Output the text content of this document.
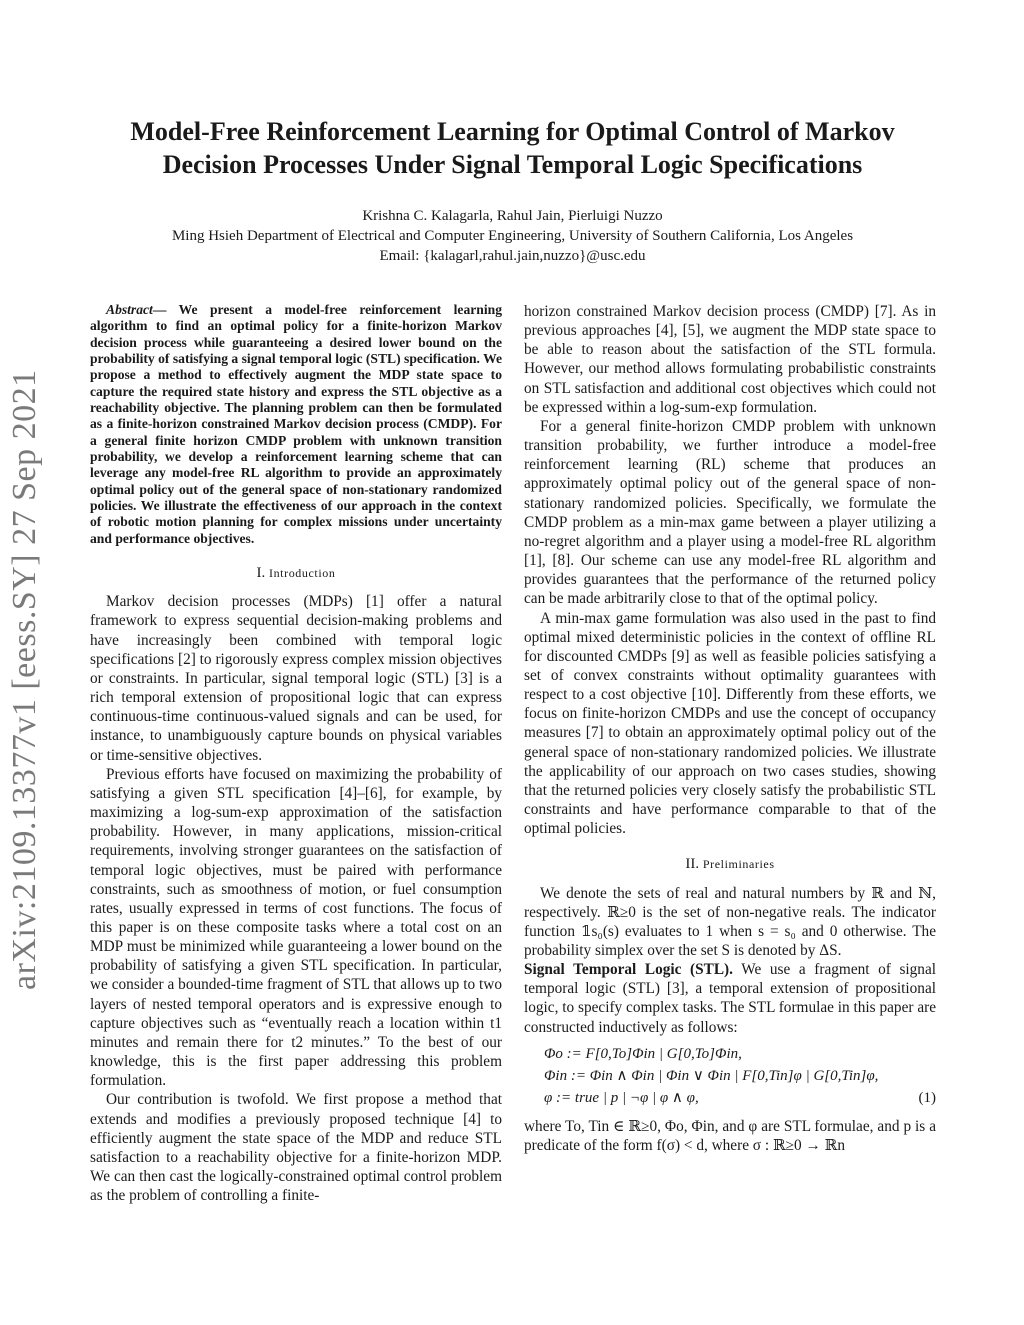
arXiv:2109.13377v1 [eess.SY] 27 Sep 2021
Model-Free Reinforcement Learning for Optimal Control of Markov Decision Processes Under Signal Temporal Logic Specifications
Krishna C. Kalagarla, Rahul Jain, Pierluigi Nuzzo
Ming Hsieh Department of Electrical and Computer Engineering, University of Southern California, Los Angeles
Email: {kalagarl,rahul.jain,nuzzo}@usc.edu

Abstract— We present a model-free reinforcement learning algorithm to find an optimal policy for a finite-horizon Markov decision process while guaranteeing a desired lower bound on the probability of satisfying a signal temporal logic (STL) specification. We propose a method to effectively augment the MDP state space to capture the required state history and express the STL objective as a reachability objective. The planning problem can then be formulated as a finite-horizon constrained Markov decision process (CMDP). For a general finite horizon CMDP problem with unknown transition probability, we develop a reinforcement learning scheme that can leverage any model-free RL algorithm to provide an approximately optimal policy out of the general space of non-stationary randomized policies. We illustrate the effectiveness of our approach in the context of robotic motion planning for complex missions under uncertainty and performance objectives.

I. Introduction

Markov decision processes (MDPs) [1] offer a natural framework to express sequential decision-making problems and have increasingly been combined with temporal logic specifications [2] to rigorously express complex mission objectives or constraints. In particular, signal temporal logic (STL) [3] is a rich temporal extension of propositional logic that can express continuous-time continuous-valued signals and can be used, for instance, to unambiguously capture bounds on physical variables or time-sensitive objectives.

Previous efforts have focused on maximizing the probability of satisfying a given STL specification [4]–[6], for example, by maximizing a log-sum-exp approximation of the satisfaction probability. However, in many applications, mission-critical requirements, involving stronger guarantees on the satisfaction of temporal logic objectives, must be paired with performance constraints, such as smoothness of motion, or fuel consumption rates, usually expressed in terms of cost functions. The focus of this paper is on these composite tasks where a total cost on an MDP must be minimized while guaranteeing a lower bound on the probability of satisfying a given STL specification. In particular, we consider a bounded-time fragment of STL that allows up to two layers of nested temporal operators and is expressive enough to capture objectives such as “eventually reach a location within t1 minutes and remain there for t2 minutes.” To the best of our knowledge, this is the first paper addressing this problem formulation.

Our contribution is twofold. We first propose a method that extends and modifies a previously proposed technique [4] to efficiently augment the state space of the MDP and reduce STL satisfaction to a reachability objective for a finite-horizon MDP. We can then cast the logically-constrained optimal control problem as the problem of controlling a finite-

horizon constrained Markov decision process (CMDP) [7]. As in previous approaches [4], [5], we augment the MDP state space to be able to reason about the satisfaction of the STL formula. However, our method allows formulating probabilistic constraints on STL satisfaction and additional cost objectives which could not be expressed within a log-sum-exp formulation.

For a general finite-horizon CMDP problem with unknown transition probability, we further introduce a model-free reinforcement learning (RL) scheme that produces an approximately optimal policy out of the general space of non-stationary randomized policies. Specifically, we formulate the CMDP problem as a min-max game between a player utilizing a no-regret algorithm and a player using a model-free RL algorithm [1], [8]. Our scheme can use any model-free RL algorithm and provides guarantees that the performance of the returned policy can be made arbitrarily close to that of the optimal policy.

A min-max game formulation was also used in the past to find optimal mixed deterministic policies in the context of offline RL for discounted CMDPs [9] as well as feasible policies satisfying a set of convex constraints without optimality guarantees with respect to a cost objective [10]. Differently from these efforts, we focus on finite-horizon CMDPs and use the concept of occupancy measures [7] to obtain an approximately optimal policy out of the general space of non-stationary randomized policies. We illustrate the applicability of our approach on two cases studies, showing that the returned policies very closely satisfy the probabilistic STL constraints and have performance comparable to that of the optimal policies.

II. Preliminaries

We denote the sets of real and natural numbers by ℝ and ℕ, respectively. ℝ≥0 is the set of non-negative reals. The indicator function 𝟙s₀(s) evaluates to 1 when s = s₀ and 0 otherwise. The probability simplex over the set S is denoted by ΔS.

Signal Temporal Logic (STL). We use a fragment of signal temporal logic (STL) [3], a temporal extension of propositional logic, to specify complex tasks. The STL formulae in this paper are constructed inductively as follows:

Φo := F[0,To]Φin | G[0,To]Φin,
Φin := Φin ∧ Φin | Φin ∨ Φin | F[0,Tin]φ | G[0,Tin]φ,
φ := true | p | ¬φ | φ ∧ φ,	(1)

where To, Tin ∈ ℝ≥0, Φo, Φin, and φ are STL formulae, and p is a predicate of the form f(σ) < d, where σ : ℝ≥0 → ℝn
